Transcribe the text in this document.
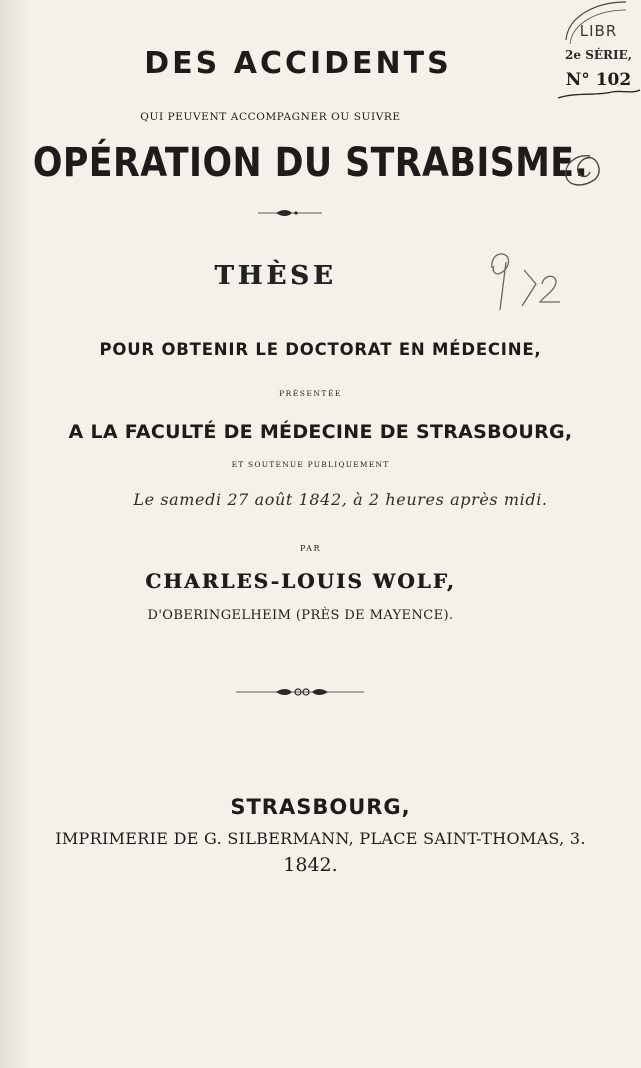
DES ACCIDENTS
QUI PEUVENT ACCOMPAGNER OU SUIVRE
OPÉRATION DU STRABISME.
THÈSE
POUR OBTENIR LE DOCTORAT EN MÉDECINE,
PRÉSENTÉE
A LA FACULTÉ DE MÉDECINE DE STRASBOURG,
ET SOUTENUE PUBLIQUEMENT
Le samedi 27 août 1842, à 2 heures après midi.
PAR
CHARLES-LOUIS WOLF,
D'OBERINGELHEIM (PRÈS DE MAYENCE).
STRASBOURG,
IMPRIMERIE DE G. SILBERMANN, PLACE SAINT-THOMAS, 3.
1842.
LIBR
2e SÉRIE,
N° 102
